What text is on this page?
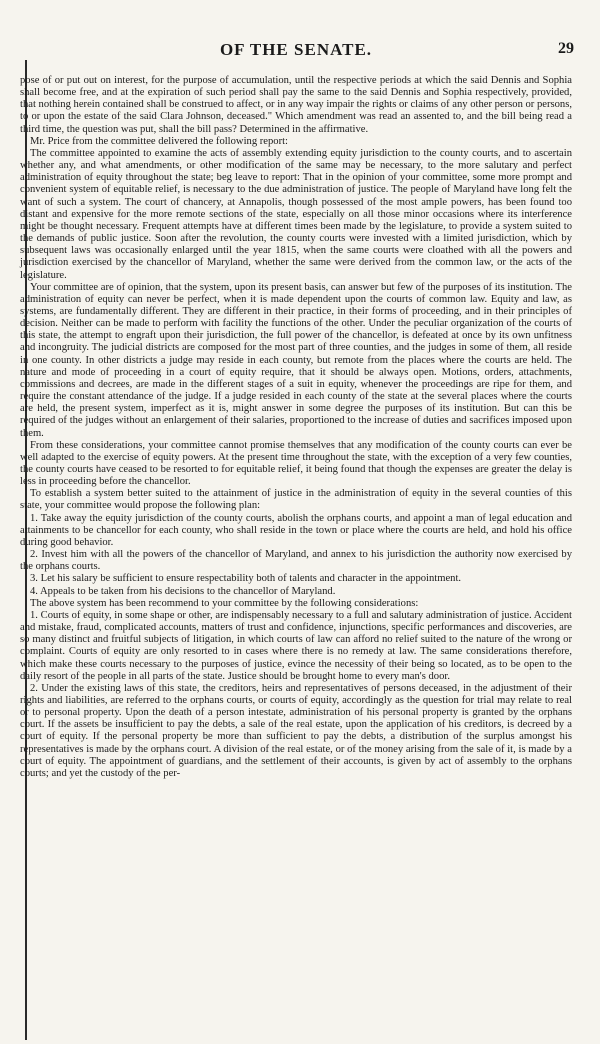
OF THE SENATE.	29

pose of or put out on interest, for the purpose of accumulation, until the respective periods at which the said Dennis and Sophia shall become free, and at the expiration of such period shall pay the same to the said Dennis and Sophia respectively, provided, that nothing herein contained shall be construed to affect, or in any way impair the rights or claims of any other person or persons, to or upon the estate of the said Clara Johnson, deceased." Which amendment was read an assented to, and the bill being read a third time, the question was put, shall the bill pass? Determined in the affirmative.

Mr. Price from the committee delivered the following report:

The committee appointed to examine the acts of assembly extending equity jurisdiction to the county courts, and to ascertain whether any, and what amendments, or other modification of the same may be necessary, to the more salutary and perfect administration of equity throughout the state; beg leave to report: That in the opinion of your committee, some more prompt and convenient system of equitable relief, is necessary to the due administration of justice. The people of Maryland have long felt the want of such a system. The court of chancery, at Annapolis, though possessed of the most ample powers, has been found too distant and expensive for the more remote sections of the state, especially on all those minor occasions where its interference might be thought necessary. Frequent attempts have at different times been made by the legislature, to provide a system suited to the demands of public justice. Soon after the revolution, the county courts were invested with a limited jurisdiction, which by subsequent laws was occasionally enlarged until the year 1815, when the same courts were cloathed with all the powers and jurisdiction exercised by the chancellor of Maryland, whether the same were derived from the common law, or the acts of the legislature.

Your committee are of opinion, that the system, upon its present basis, can answer but few of the purposes of its institution. The administration of equity can never be perfect, when it is made dependent upon the courts of common law. Equity and law, as systems, are fundamentally different. They are different in their practice, in their forms of proceeding, and in their principles of decision. Neither can be made to perform with facility the functions of the other. Under the peculiar organization of the courts of this state, the attempt to engraft upon their jurisdiction, the full power of the chancellor, is defeated at once by its own unfitness and incongruity. The judicial districts are composed for the most part of three counties, and the judges in some of them, all reside in one county. In other districts a judge may reside in each county, but remote from the places where the courts are held. The nature and mode of proceeding in a court of equity require, that it should be always open. Motions, orders, attachments, commissions and decrees, are made in the different stages of a suit in equity, whenever the proceedings are ripe for them, and require the constant attendance of the judge. If a judge resided in each county of the state at the several places where the courts are held, the present system, imperfect as it is, might answer in some degree the purposes of its institution. But can this be required of the judges without an enlargement of their salaries, proportioned to the increase of duties and sacrifices imposed upon them.

From these considerations, your committee cannot promise themselves that any modification of the county courts can ever be well adapted to the exercise of equity powers. At the present time throughout the state, with the exception of a very few counties, the county courts have ceased to be resorted to for equitable relief, it being found that though the expenses are greater the delay is less in proceeding before the chancellor.

To establish a system better suited to the attainment of justice in the administration of equity in the several counties of this state, your committee would propose the following plan:

1. Take away the equity jurisdiction of the county courts, abolish the orphans courts, and appoint a man of legal education and attainments to be chancellor for each county, who shall reside in the town or place where the courts are held, and hold his office during good behavior.

2. Invest him with all the powers of the chancellor of Maryland, and annex to his jurisdiction the authority now exercised by the orphans courts.

3. Let his salary be sufficient to ensure respectability both of talents and character in the appointment.

4. Appeals to be taken from his decisions to the chancellor of Maryland.

The above system has been recommend to your committee by the following considerations:

1. Courts of equity, in some shape or other, are indispensably necessary to a full and salutary administration of justice. Accident and mistake, fraud, complicated accounts, matters of trust and confidence, injunctions, specific performances and discoveries, are so many distinct and fruitful subjects of litigation, in which courts of law can afford no relief suited to the nature of the wrong or complaint. Courts of equity are only resorted to in cases where there is no remedy at law. The same considerations therefore, which make these courts necessary to the purposes of justice, evince the necessity of their being so located, as to be open to the daily resort of the people in all parts of the state. Justice should be brought home to every man's door.

2. Under the existing laws of this state, the creditors, heirs and representatives of persons deceased, in the adjustment of their rights and liabilities, are referred to the orphans courts, or courts of equity, accordingly as the question for trial may relate to real or to personal property. Upon the death of a person intestate, administration of his personal property is granted by the orphans court. If the assets be insufficient to pay the debts, a sale of the real estate, upon the application of his creditors, is decreed by a court of equity. If the personal property be more than sufficient to pay the debts, a distribution of the surplus amongst his representatives is made by the orphans court. A division of the real estate, or of the money arising from the sale of it, is made by a court of equity. The appointment of guardians, and the settlement of their accounts, is given by act of assembly to the orphans courts; and yet the custody of the per-
